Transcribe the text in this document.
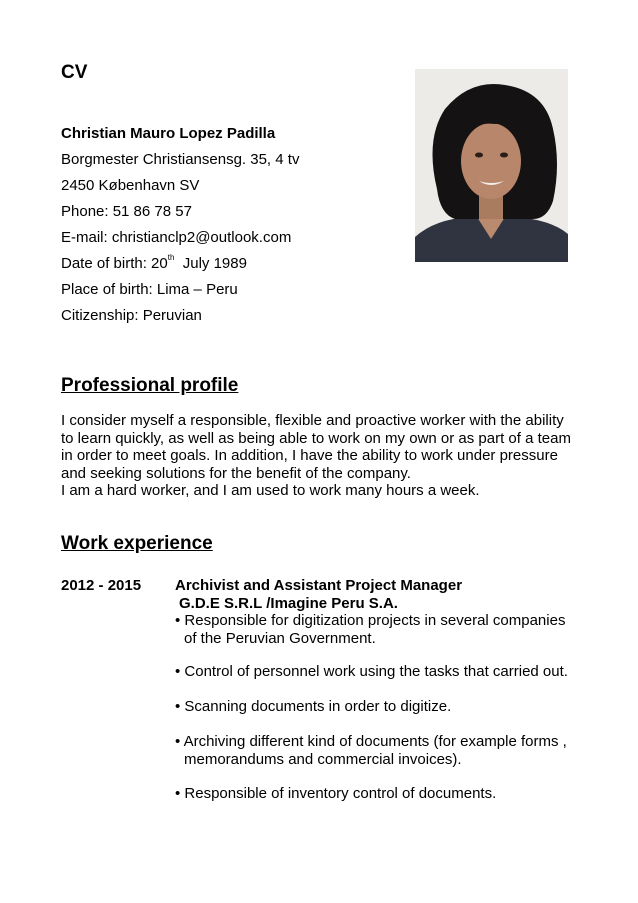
CV
Christian Mauro Lopez Padilla
Borgmester Christiansensg. 35, 4 tv
2450 København SV
Phone: 51 86 78 57
E-mail: christianclp2@outlook.com
Date of birth: 20th  July 1989
Place of birth: Lima – Peru
Citizenship: Peruvian
Professional profile
I consider myself a responsible, flexible and proactive worker with the ability
to learn quickly, as well as being able to work on my own or as part of a team
in order to meet goals. In addition, I have the ability to work under pressure
and seeking solutions for the benefit of the company.
I am a hard worker, and I am used to work many hours a week.
Work experience
2012 - 2015 Archivist and Assistant Project Manager
G.D.E S.R.L /Imagine Peru S.A.
• Responsible for digitization projects in several companies
of the Peruvian Government.
• Control of personnel work using the tasks that carried out.
• Scanning documents in order to digitize.
• Archiving different kind of documents (for example forms ,
memorandums and commercial invoices).
• Responsible of inventory control of documents.
